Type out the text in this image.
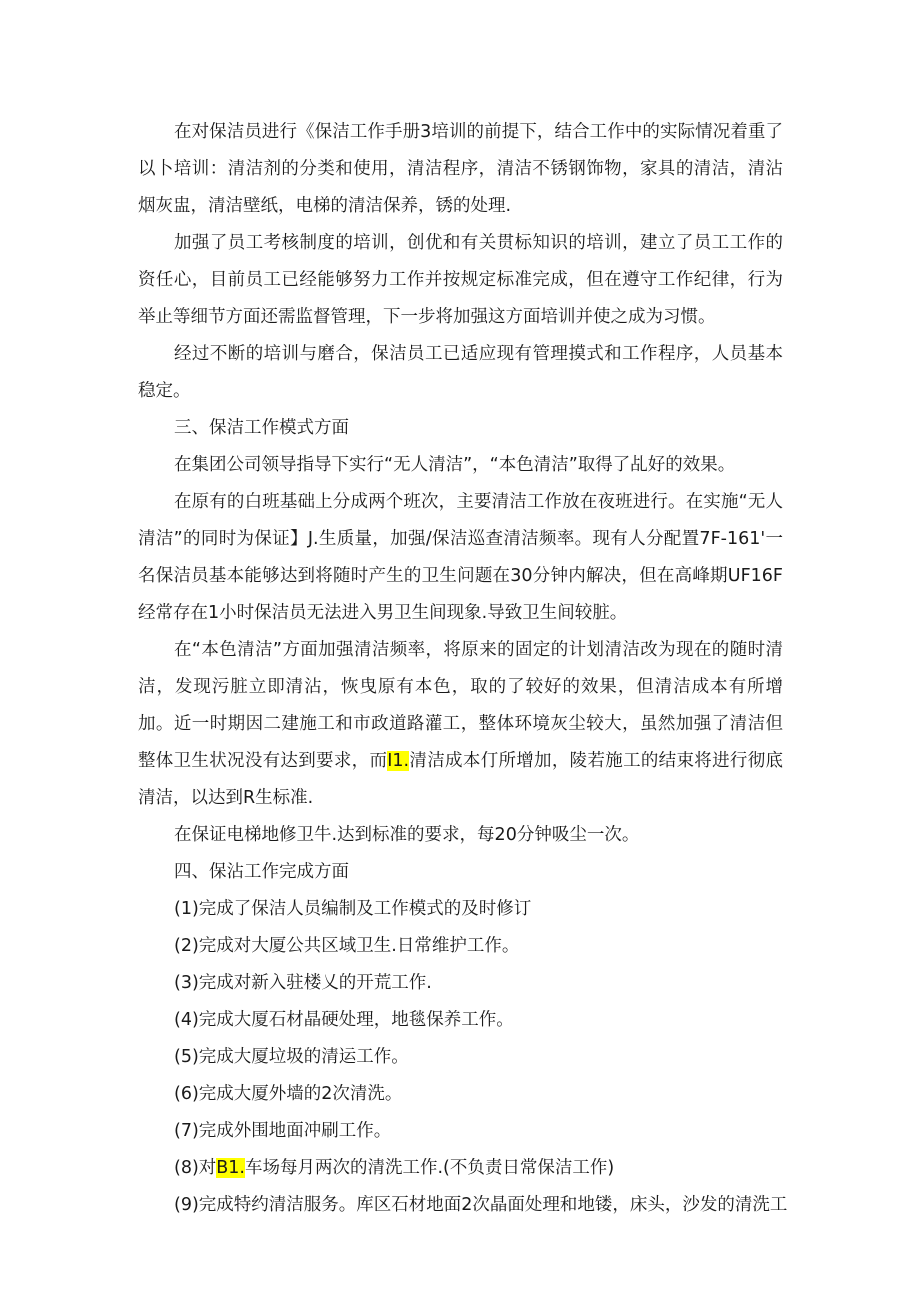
在对保洁员进行《保洁工作手册3培训的前提下，结合工作中的实际情况着重了以卜培训：清洁剂的分类和使用，清洁程序，清洁不锈钢饰物，家具的清洁，清沾烟灰盅，清洁壁纸，电梯的清洁保养，锈的处理.

加强了员工考核制度的培训，创优和有关贯标知识的培训，建立了员工工作的资任心，目前员工已经能够努力工作并按规定标准完成，但在遵守工作纪律，行为举止等细节方面还需监督管理，下一步将加强这方面培训并使之成为习惯。

经过不断的培训与磨合，保洁员工已适应现有管理摸式和工作程序，人员基本稳定。

三、保洁工作模式方面

在集团公司领导指导下实行“无人清洁”，“本色清洁”取得了乩好的效果。

在原有的白班基础上分成两个班次，主要清洁工作放在夜班进行。在实施“无人清洁”的同时为保证】J.生质量，加强/保洁巡查清洁频率。现有人分配置7F-161'一名保洁员基本能够达到将随时产生的卫生问题在30分钟内解决，但在高峰期UF16F经常存在1小时保洁员无法进入男卫生间现象.导致卫生间较脏。

在“本色清洁”方面加强清洁频率，将原来的固定的计划清洁改为现在的随时清洁，发现污脏立即清沾，恢曳原有本色，取的了较好的效果，但清洁成本有所增加。近一时期因二建施工和市政道路灌工，整体环境灰尘较大，虽然加强了清洁但整体卫生状况没有达到要求，而I1.清洁成本仃所增加，陵若施工的结束将进行彻底清洁，以达到R生标准.

在保证电梯地修卫牛.达到标准的要求，每20分钟吸尘一次。

四、保沾工作完成方面

(1)完成了保洁人员编制及工作模式的及时修订

(2)完成对大厦公共区域卫生.日常维护工作。

(3)完成对新入驻楼乂的开荒工作.

(4)完成大厦石材晶硬处理，地毯保养工作。

(5)完成大厦垃圾的清运工作。

(6)完成大厦外墙的2次清洗。

(7)完成外围地面冲刷工作。

(8)对B1.车场每月两次的清洗工作.(不负责日常保洁工作)

(9)完成特约清洁服务。库区石材地面2次晶面处理和地镂，床头，沙发的清洗工
